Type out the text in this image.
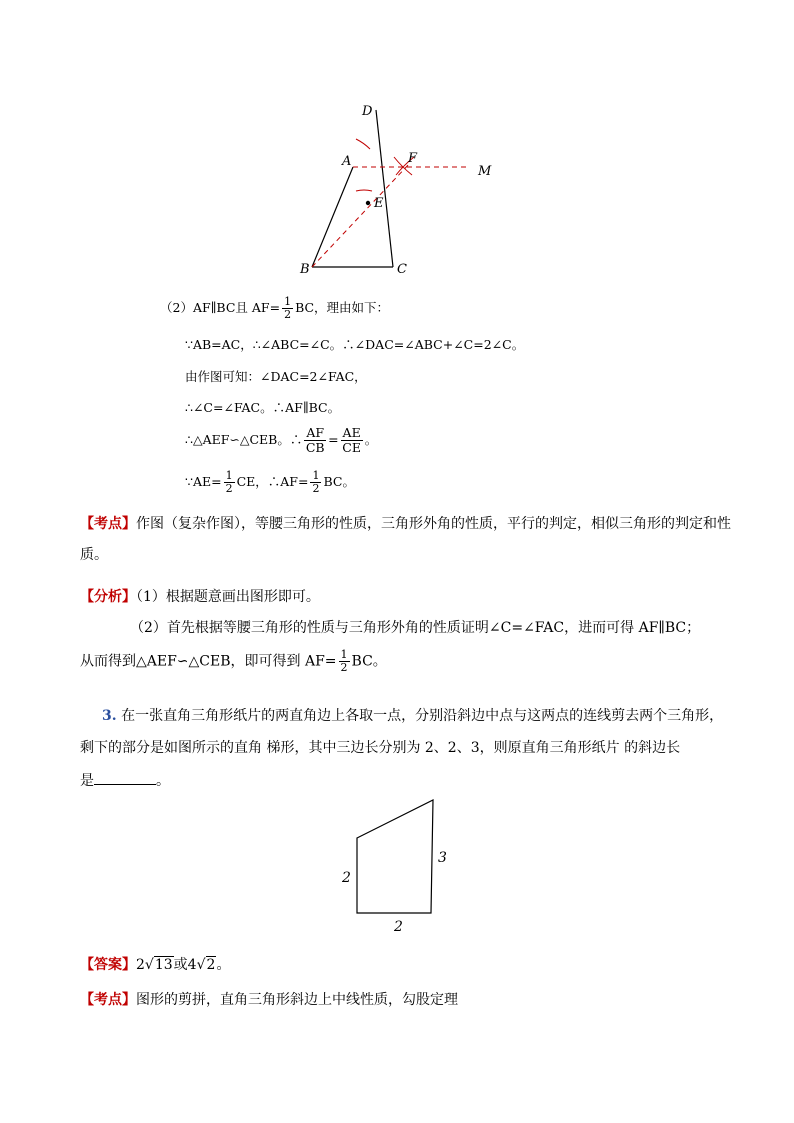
D
A	F
M
E
B	C
（2）AF∥BC且 $AF= \frac{1}{2}$ BC，理由如下：
∵AB=AC，∴∠ABC=∠C。∴∠DAC=∠ABC+∠C=2∠C。
由作图可知：∠DAC=2∠FAC，
∴∠C=∠FAC。∴AF∥BC。
∴△AEF∽△CEB。∴ $\frac{AF}{CB} = \frac{AE}{CE}$ 。
∵AE= $\frac{1}{2}$ CE，∴AF= $\frac{1}{2}$ BC。
【考点】作图（复杂作图），等腰三角形的性质，三角形外角的性质，平行的判定，相似三角形的判定和性
质。
【分析】（1）根据题意画出图形即可。
（2）首先根据等腰三角形的性质与三角形外角的性质证明∠C=∠FAC，进而可得 AF∥BC；
从而得到△AEF∽△CEB，即可得到 $AF= \frac{1}{2}$ BC。
3. 在一张直角三角形纸片的两直角边上各取一点，分别沿斜边中点与这两点的连线剪去两个三角形，
剩下的部分是如图所示的直角 梯形，其中三边长分别为 2、2、3，则原直角三角形纸片 的斜边长
是	。
2
3
2
【答案】2√13或4√2。
【考点】图形的剪拼，直角三角形斜边上中线性质，勾股定理
